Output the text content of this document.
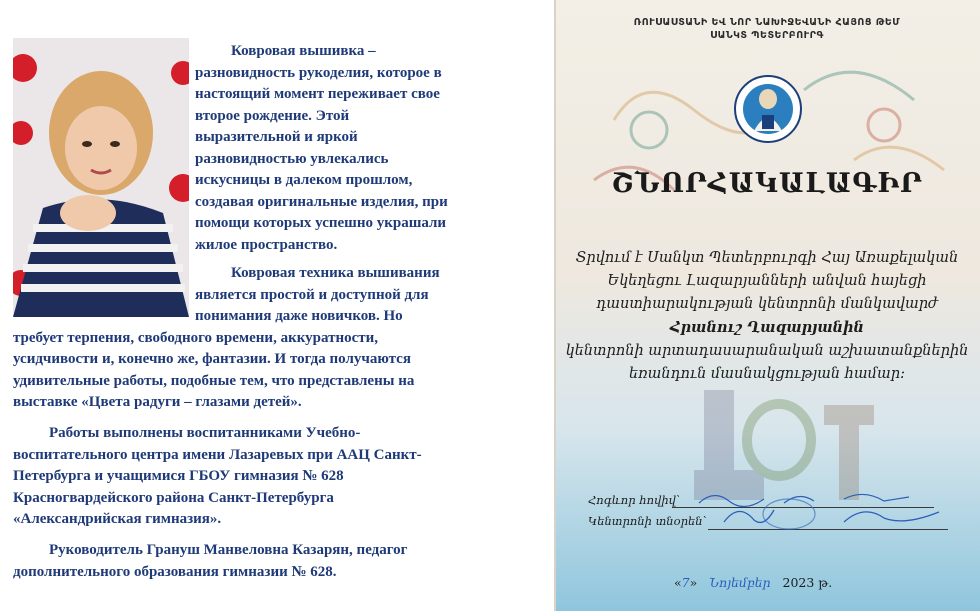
Ковровая вышивка –
разновидность рукоделия, которое в
настоящий момент переживает свое
второе рождение. Этой
выразительной и яркой
разновидностью увлекались
искусницы в далеком прошлом,
создавая оригинальные изделия, при
помощи которых успешно украшали
жилое пространство.
Ковровая техника вышивания
является простой и доступной для
понимания даже новичков. Но
требует терпения, свободного времени, аккуратности,
усидчивости и, конечно же, фантазии. И тогда получаются
удивительные работы, подобные тем, что представлены на
выставке «Цвета радуги – глазами детей».
Работы выполнены воспитанниками Учебно-
воспитательного центра имени Лазаревых при ААЦ Санкт-
Петербурга и учащимися ГБОУ гимназия № 628
Красногвардейского района Санкт-Петербурга
«Александрийская гимназия».
Руководитель Грануш Манвеловна Казарян, педагог
дополнительного образования гимназии № 628.
ՌՈՒՍԱՍՏԱՆԻ ԵՎ ՆՈՐ ՆԱԽԻՋԵՎԱՆԻ ՀԱՅՈՑ ԹԵՄ
ՍԱՆԿՏ ՊԵՏԵՐԲՈՒՐԳ
ՇՆՈՐՀԱԿԱԼԱԳԻՐ
Տրվում է Սանկտ Պետերբուրգի Հայ Առաքելական
Եկեղեցու Լազարյանների անվան հայեցի
դաստիարակության կենտրոնի մանկավարժ
Հրանուշ Ղազարյանին
կենտրոնի արտադասարանական աշխատանքներին
եռանդուն մասնակցության համար:
Հոգևոր հովիվ՝
Կենտրոնի տնօրեն՝
«7» Նոյեմբեր 2023 թ.
